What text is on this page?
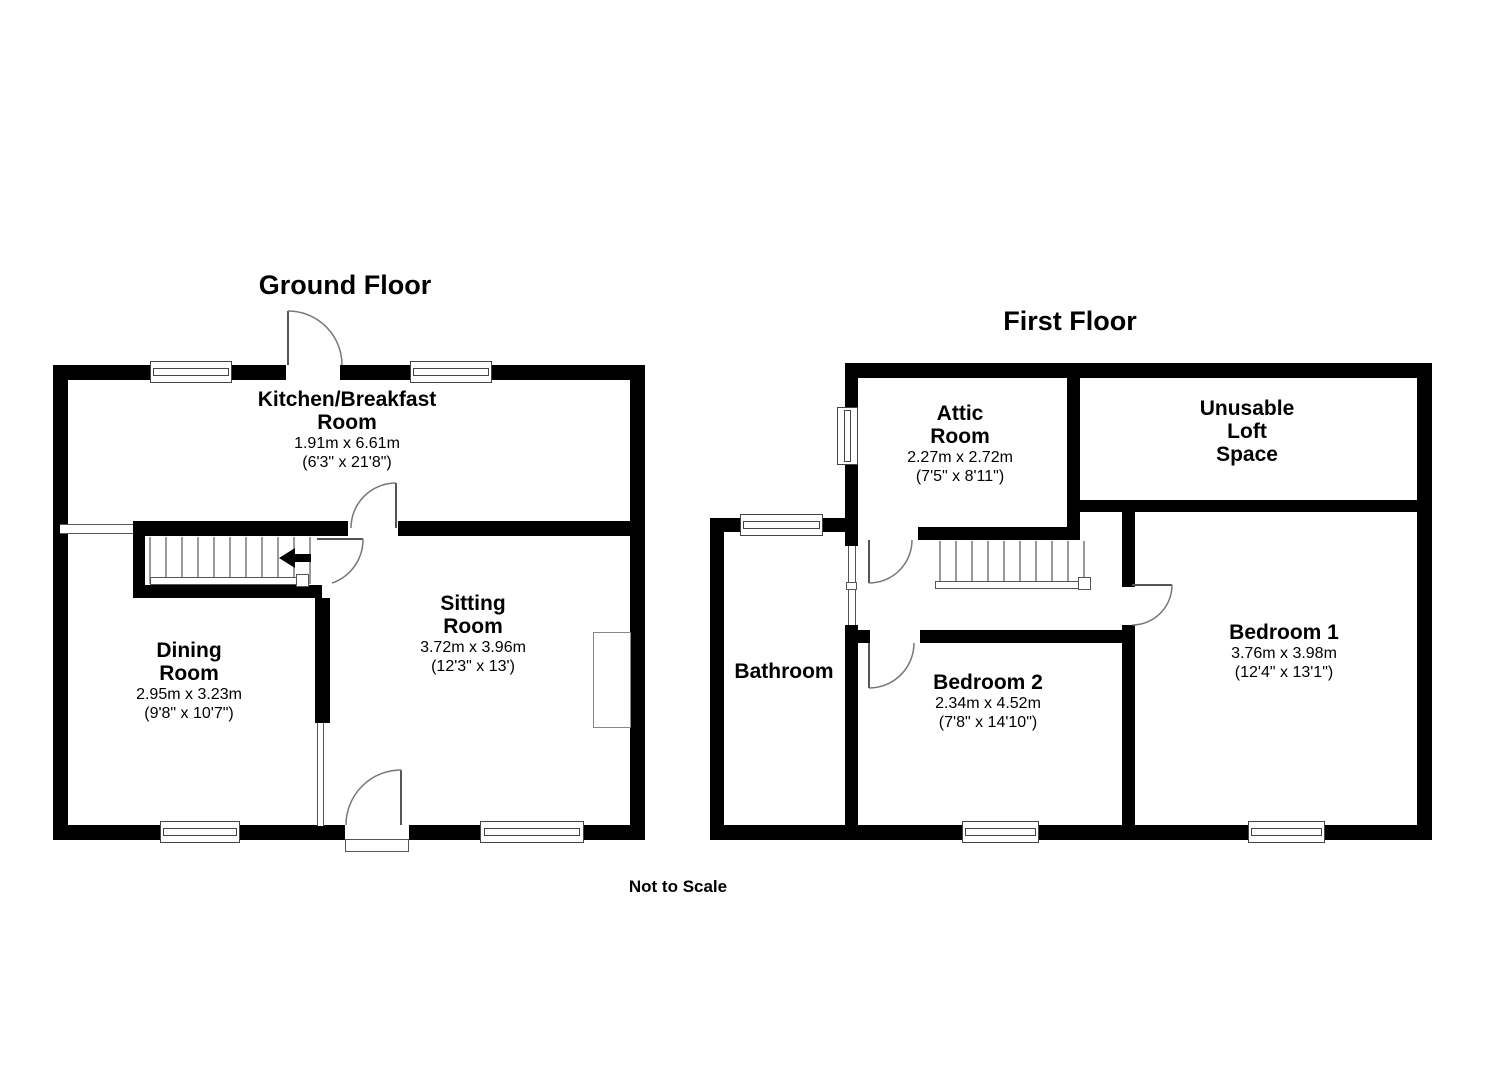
Ground Floor
First Floor
Kitchen/Breakfast
Room
1.91m x 6.61m
(6'3" x 21'8")
Dining
Room
2.95m x 3.23m
(9'8" x 10'7")
Sitting
Room
3.72m x 3.96m
(12'3" x 13')
Attic
Room
2.27m x 2.72m
(7'5" x 8'11")
Unusable
Loft
Space
Bathroom	Bedroom 2
2.34m x 4.52m
(7'8" x 14'10")
Bedroom 1
3.76m x 3.98m
(12'4" x 13'1")
Not to Scale
